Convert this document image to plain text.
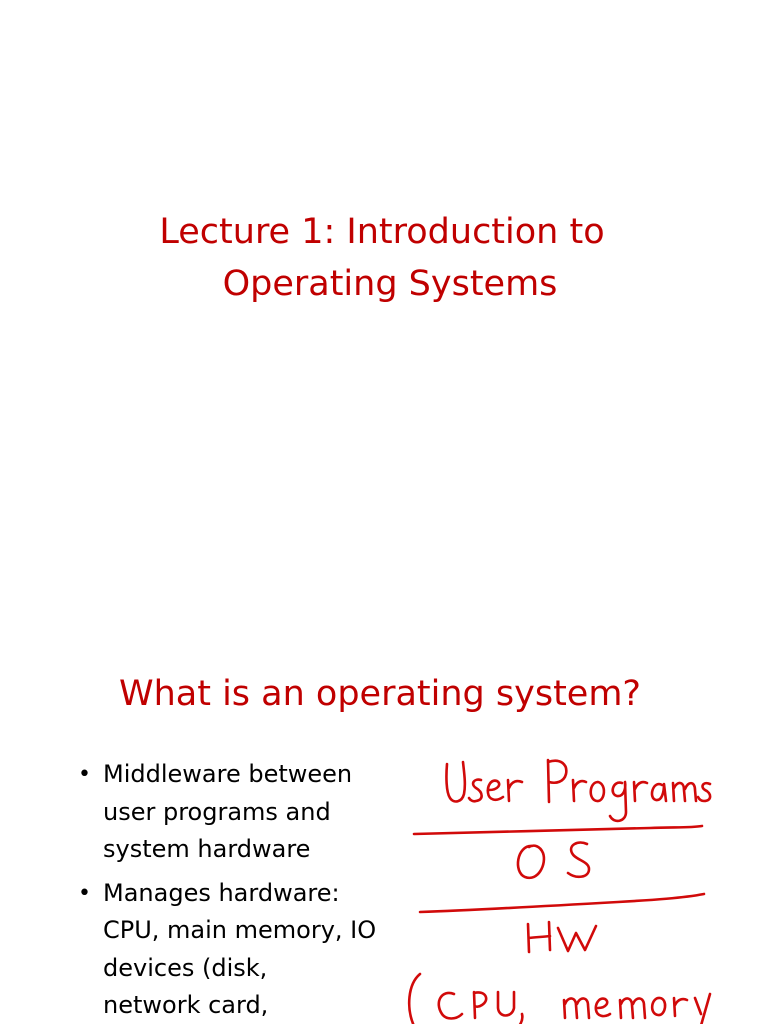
Lecture 1: Introduction to
Operating Systems
What is an operating system?
• Middleware between
user programs and
system hardware
• Manages hardware:
CPU, main memory, IO
devices (disk,
network card,
